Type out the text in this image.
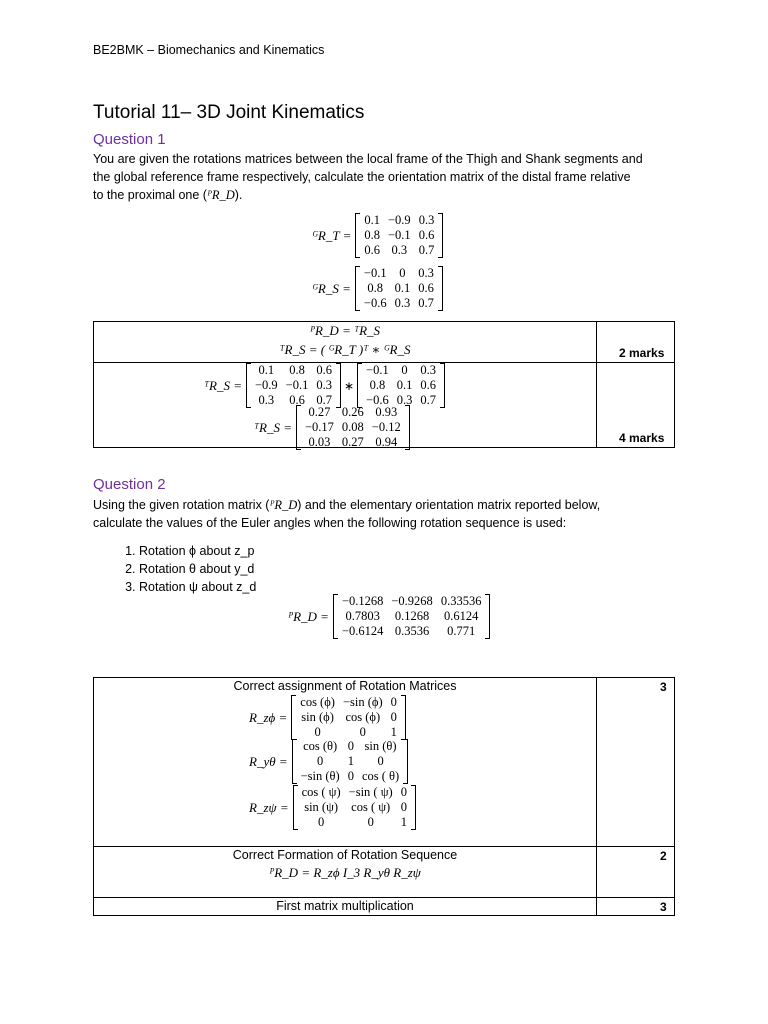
BE2BMK – Biomechanics and Kinematics
Tutorial 11– 3D Joint Kinematics
Question 1
You are given the rotations matrices between the local frame of the Thigh and Shank segments and
the global reference frame respectively, calculate the orientation matrix of the distal frame relative
to the proximal one (ᴾR_D).
ᴳR_T =
0.1	−0.9	0.3
0.8	−0.1	0.6
0.6	0.3	0.7
ᴳR_S =
−0.1	0	0.3
0.8	0.1	0.6
−0.6	0.3	0.7
ᴾR_D = ᵀR_S
ᵀR_S = ( ᴳR_T )ᵀ ∗ ᴳR_S	2 marks
ᵀR_S =
0.1	0.8	0.6
−0.9	−0.1	0.3
0.3	0.6	0.7
∗
−0.1	0	0.3
0.8	0.1	0.6
−0.6	0.3	0.7
ᵀR_S =
0.27	0.26	0.93
−0.17	0.08	−0.12
0.03	0.27	0.94	4 marks
Question 2
Using the given rotation matrix (ᴾR_D) and the elementary orientation matrix reported below,
calculate the values of the Euler angles when the following rotation sequence is used:
1. Rotation ϕ about z_p
2. Rotation θ about y_d
3. Rotation ψ about z_d
ᴾR_D =
−0.1268	−0.9268	0.33536
0.7803	0.1268	0.6124
−0.6124	0.3536	0.771
Correct assignment of Rotation Matrices	3
R_zϕ =
cos (ϕ)	−sin (ϕ)	0
sin (ϕ)	cos (ϕ)	0
0	0	1
R_yθ =
cos (θ)	0	sin (θ)
0	1	0
−sin (θ)	0	cos ( θ)
R_zψ =
cos ( ψ)	−sin ( ψ)	0
sin (ψ)	cos ( ψ)	0
0	0	1
Correct Formation of Rotation Sequence	2
ᴾR_D = R_zϕ I_3 R_yθ R_zψ
First matrix multiplication	3
